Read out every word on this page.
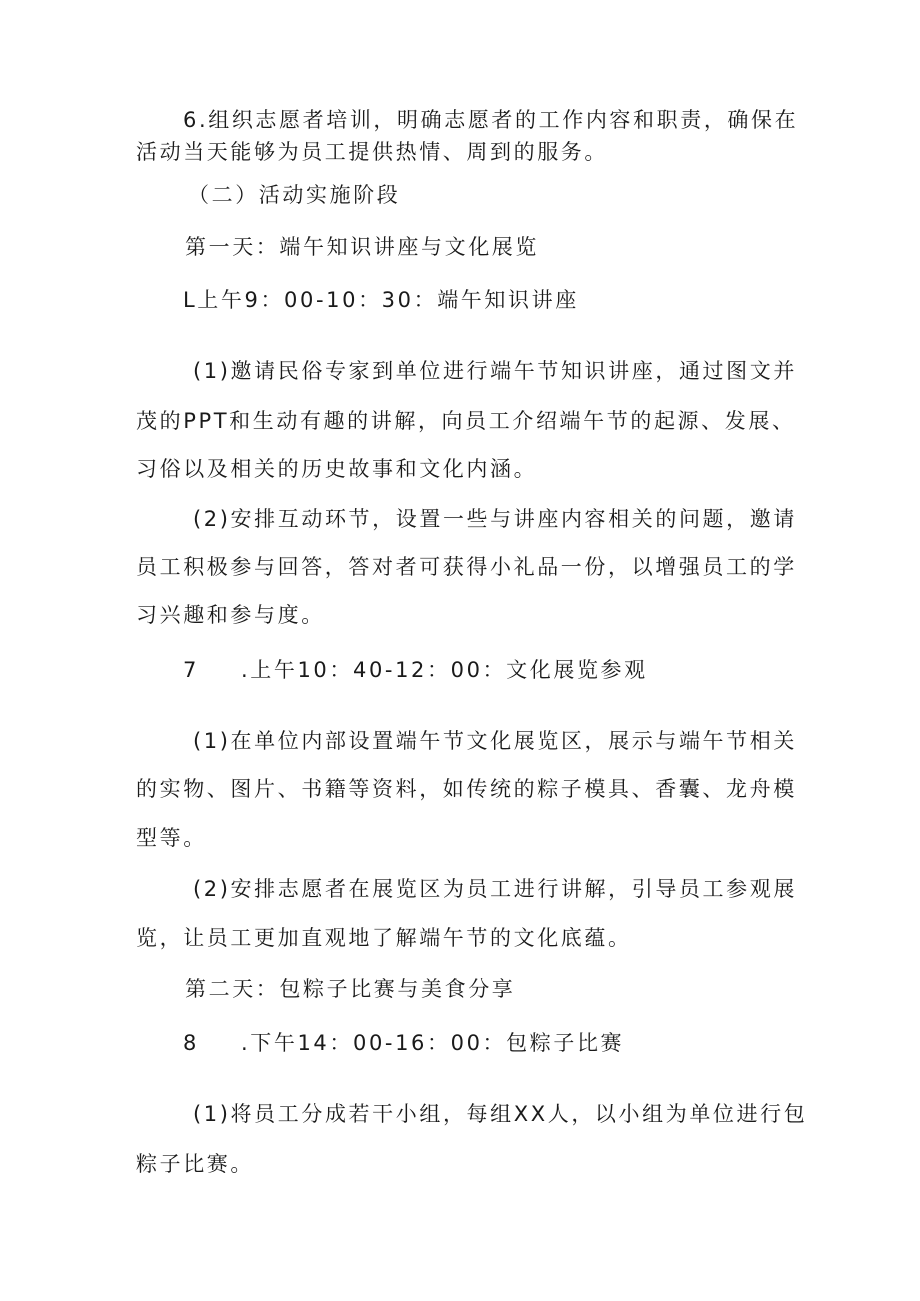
6.组织志愿者培训，明确志愿者的工作内容和职责，确保在
活动当天能够为员工提供热情、周到的服务。
（二）活动实施阶段
第一天：端午知识讲座与文化展览
L上午9：00-10：30：端午知识讲座
(1)邀请民俗专家到单位进行端午节知识讲座，通过图文并
茂的PPT和生动有趣的讲解，向员工介绍端午节的起源、发展、
习俗以及相关的历史故事和文化内涵。
(2)安排互动环节，设置一些与讲座内容相关的问题，邀请
员工积极参与回答，答对者可获得小礼品一份，以增强员工的学
习兴趣和参与度。
7 .上午10：40-12：00：文化展览参观
(1)在单位内部设置端午节文化展览区，展示与端午节相关
的实物、图片、书籍等资料，如传统的粽子模具、香囊、龙舟模
型等。
(2)安排志愿者在展览区为员工进行讲解，引导员工参观展
览，让员工更加直观地了解端午节的文化底蕴。
第二天：包粽子比赛与美食分享
8 .下午14：00-16：00：包粽子比赛
(1)将员工分成若干小组，每组XX人，以小组为单位进行包
粽子比赛。
